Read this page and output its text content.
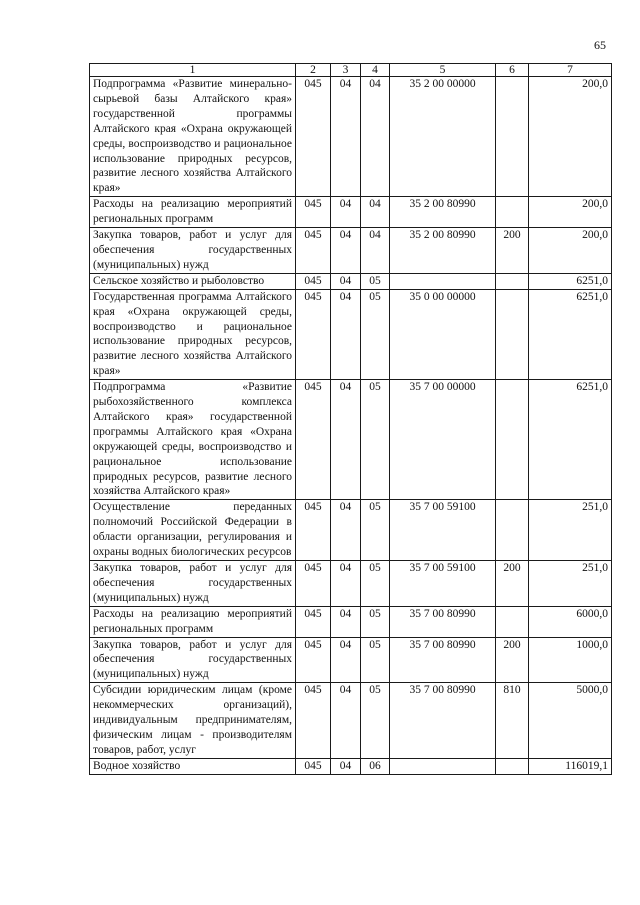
65
1	2	3	4	5	6	7
Подпрограмма «Развитие минерально-сырьевой базы Алтайского края» государственной программы Алтайского края «Охрана окружающей среды, воспроизводство и рациональное использование природных ресурсов, развитие лесного хозяйства Алтайского края»	045	04	04	35 2 00 00000		200,0
Расходы на реализацию мероприятий региональных программ	045	04	04	35 2 00 80990		200,0
Закупка товаров, работ и услуг для обеспечения государственных (муниципальных) нужд	045	04	04	35 2 00 80990	200	200,0
Сельское хозяйство и рыболовство	045	04	05			6251,0
Государственная программа Алтайского края «Охрана окружающей среды, воспроизводство и рациональное использование природных ресурсов, развитие лесного хозяйства Алтайского края»	045	04	05	35 0 00 00000		6251,0
Подпрограмма «Развитие рыбохозяйственного комплекса Алтайского края» государственной программы Алтайского края «Охрана окружающей среды, воспроизводство и рациональное использование природных ресурсов, развитие лесного хозяйства Алтайского края»	045	04	05	35 7 00 00000		6251,0
Осуществление переданных полномочий Российской Федерации в области организации, регулирования и охраны водных биологических ресурсов	045	04	05	35 7 00 59100		251,0
Закупка товаров, работ и услуг для обеспечения государственных (муниципальных) нужд	045	04	05	35 7 00 59100	200	251,0
Расходы на реализацию мероприятий региональных программ	045	04	05	35 7 00 80990		6000,0
Закупка товаров, работ и услуг для обеспечения государственных (муниципальных) нужд	045	04	05	35 7 00 80990	200	1000,0
Субсидии юридическим лицам (кроме некоммерческих организаций), индивидуальным предпринимателям, физическим лицам - производителям товаров, работ, услуг	045	04	05	35 7 00 80990	810	5000,0
Водное хозяйство	045	04	06			116019,1
